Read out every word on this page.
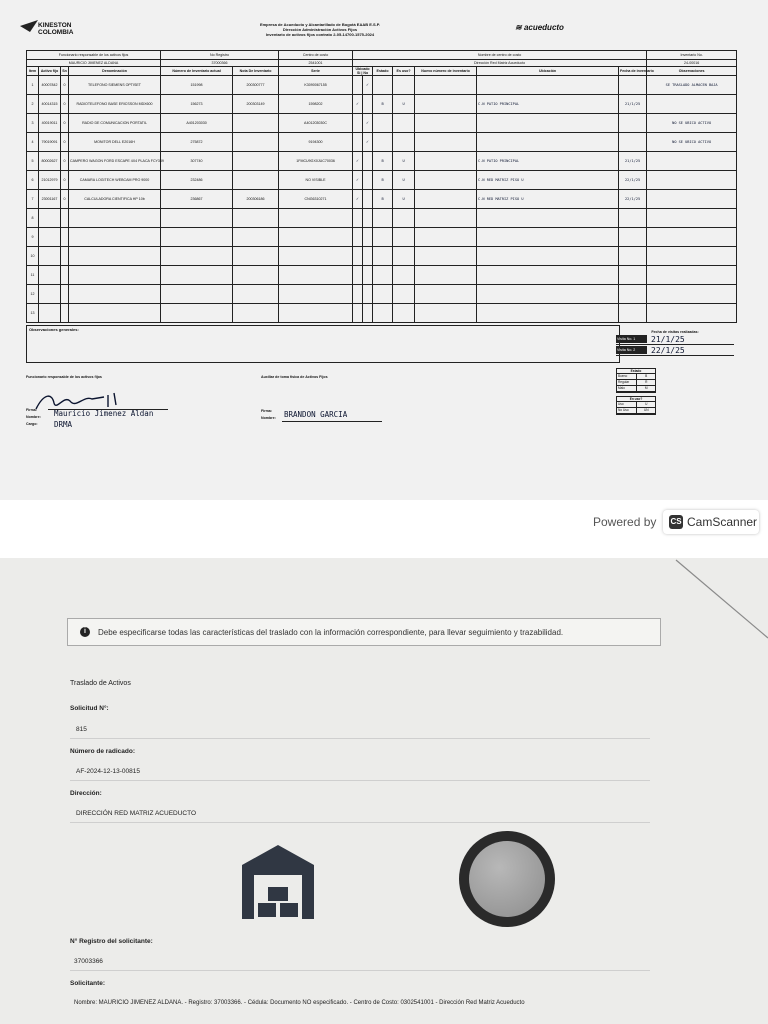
KINESTON
COLOMBIA
Empresa de Acueducto y Alcantarillado de Bogotá EAAB E.S.P.
Dirección Administración Activos Fijos
Inventario de activos fijos contrato 2-05-14700-1575-2024
≋ acueducto
Funcionario responsable de los activos fijos				No Registro		Centro de costo	Nombre de centro de costo							Inventario No.
MAURICIO JIMENEZ ALDANA				37000366		2541001	Dirección Red Matriz Acueducto							24-00016
Item	Activo fijo	Sn	Denominación	Número de Inventario actual	Nota De Inventario	Serie	Ubicado
Si | No		Estado	Es uso?	Nuevo número de inventario	Ubicación	Fecha de inventario	Observaciones
1	40007842	0	TELEFONO SIEMENS OPTISET	151998	200300777	K3090067155		✓						SE TRASLADO ALMACEN BAJA
2	40014315	0	RADIOTELEFONO BASE ERICSSON MDX600	156273	200303149	1598202	✓		B	U		C.N PATIO PRINCIPAL	21/1/25	
3	40019011	0	RADIO DE COMUNICACION PORTATIL	A401203030		A401203030C		✓						NO SE UBICO ACTIVO
4	79019091	0	MONITOR DELL E2016H	275872		9194300		✓						NO SE UBICO ACTIVO
5	80002627	0	CAMPERO WAGON FORD ESCAPE 4X4 PLACA FCY339	307740		1FMCU9GX0JUC70036	✓		B	U		C.N PATIO PRINCIPAL	21/1/25	
6	21012979	0	CAMARA LOGITECH WEBCAM PRO 9000	232486		NO VISIBLE	✓		B	U		C.N RED MATRIZ PISO U	22/1/25	
7	23001167	0	CALCULADORA CIENTIFICA HP 10b	236867	200306186	CNG6310271	✓		B	U		C.N RED MATRIZ PISO U	22/1/25	
8														
9														
10														
11														
12														
13														
Observaciones generales:	Fecha de visitas realizadas:
Visita No. 1	21/1/25
Visita No. 2	22/1/25
Estado
Bueno	B
Regular	R
Malo	M
En uso?
Uso	U
No Uso	UN
Funcionario responsable de los activos fijos	Auxiliar de toma física de Activos Fijos
Firma:
Nombre:
Cargo:
Mauricio Jimenez Aldan
DRMA
Firma:
Nombre: BRANDON GARCIA
Powered by CS CamScanner
i	Debe especificarse todas las características del traslado con la información correspondiente, para llevar seguimiento y trazabilidad.
Traslado de Activos
Solicitud N°:
815
Número de radicado:
AF-2024-12-13-00815
Dirección:
DIRECCIÓN RED MATRIZ ACUEDUCTO
N° Registro del solicitante:
37003366
Solicitante:
Nombre: MAURICIO JIMENEZ ALDANA. - Registro: 37003366. - Cédula: Documento NO especificado. - Centro de Costo: 0302541001 - Dirección Red Matriz Acueducto
